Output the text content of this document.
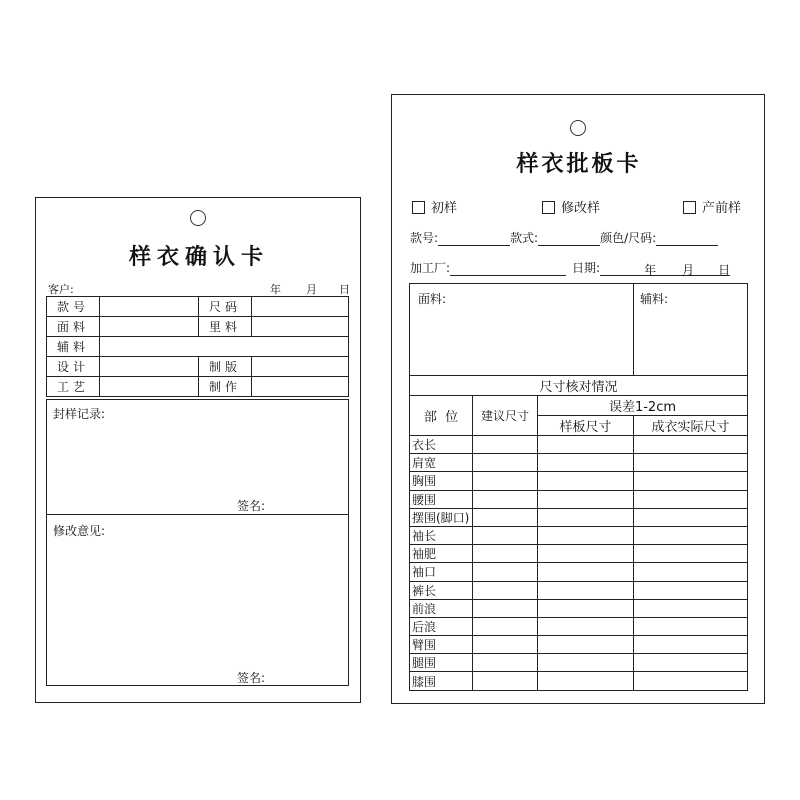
样衣确认卡
客户:	年 月 日
款号		尺码	
面料		里料	
辅料			
设计		制版	
工艺		制作	
封样记录:
签名:
修改意见:
签名:
样衣批板卡
初样	修改样	产前样
款号:	款式:	颜色/尺码:
加工厂:	日期:	年 月 日
面料:			辅料:
尺寸核对情况			
部  位	建议尺寸	误差1-2cm	
		样板尺寸	成衣实际尺寸
衣长			
肩宽			
胸围			
腰围			
摆围(脚口)			
袖长			
袖肥			
袖口			
裤长			
前浪			
后浪			
臂围			
腿围			
膝围			
